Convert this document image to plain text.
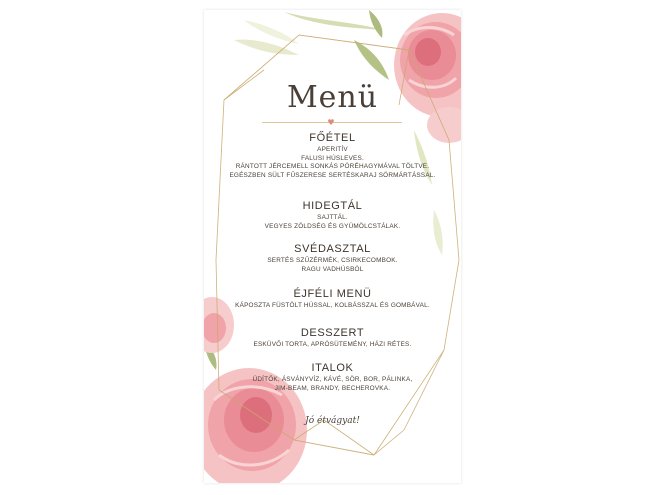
Menü
♥
FŐÉTEL
APERITÍV
FALUSI HÚSLEVES.
RÁNTOTT JÉRCEMELL SONKÁS PÓRÉHAGYMÁVAL TÖLTVE.
EGÉSZBEN SÜLT FŰSZERESE SERTÉSKARAJ SÖRMÁRTÁSSAL.
HIDEGTÁL
SAJTTÁL.
VEGYES ZÖLDSÉG ÉS GYÜMÖLCSTÁLAK.
SVÉDASZTAL
SERTÉS SZŰZÉRMÉK, CSIRKECOMBOK.
RAGU VADHÚSBÓL
ÉJFÉLI MENÜ
KÁPOSZTA FÜSTÖLT HÚSSAL, KOLBÁSSZAL ÉS GOMBÁVAL.
DESSZERT
ESKÜVŐI TORTA, APRÓSÜTEMÉNY, HÁZI RÉTES.
ITALOK
ÜDÍTŐK, ÁSVÁNYVÍZ, KÁVÉ, SÖR, BOR, PÁLINKA,
JIM-BEAM, BRANDY, BECHEROVKA.
Jó étvágyat!
